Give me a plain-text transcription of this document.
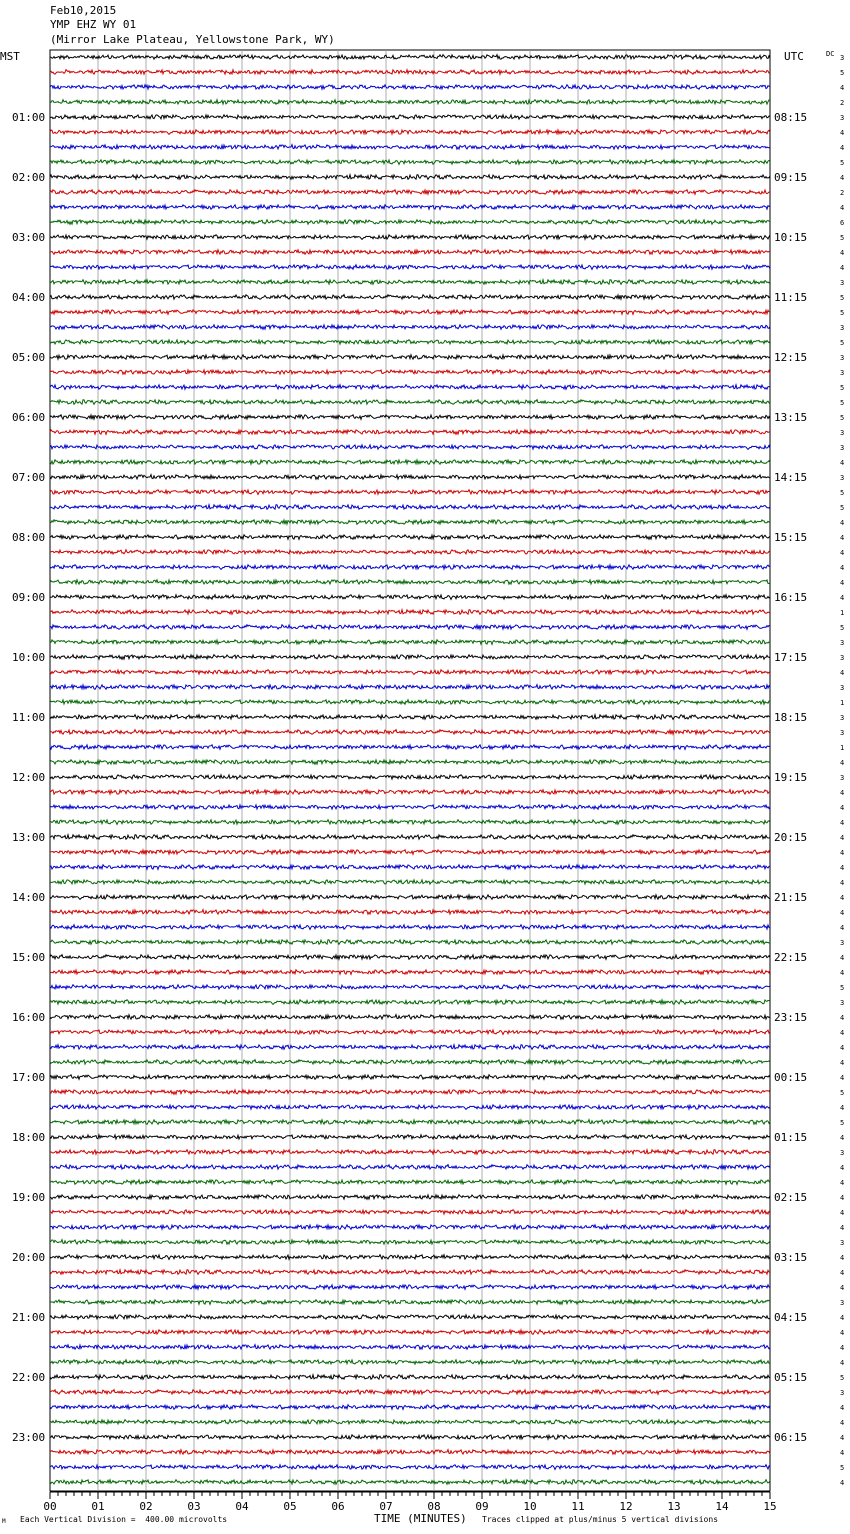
Feb10,2015
YMP EHZ WY 01
(Mirror Lake Plateau, Yellowstone Park, WY)
MST	UTC	DC 3
5
4
2
3
4
4
5
4
2
4
6
5
4
4
3
5
5
3
5
3
3
5
5
5
3
3
4
3
5
5
4
4
4
4
4
4
1
5
3
3
4
3
1
3
3
1
4
3
4
4
4
4
4
4
4
4
4
4
3
4
4
5
3
4
4
4
4
4
5
4
5
4
3
4
4
4
4
4
3
4
4
4
3
4
4
4
4
5
3
4
4
4
4
5
4
01:00
02:00
03:00
04:00
05:00
06:00
07:00
08:00
09:00
10:00
11:00
12:00
13:00
14:00
15:00
16:00
17:00
18:00
19:00
20:00
21:00
22:00
23:00
08:15
09:15
10:15
11:15
12:15
13:15
14:15
15:15
16:15
17:15
18:15
19:15
20:15
21:15
22:15
23:15
00:15
01:15
02:15
03:15
04:15
05:15
06:15
00	01	02	03	04	05	06	07	08	09	10	11	12	13	14	15
TIME (MINUTES)
Each Vertical Division =  400.00 microvolts	Traces clipped at plus/minus 5 vertical divisions
M
